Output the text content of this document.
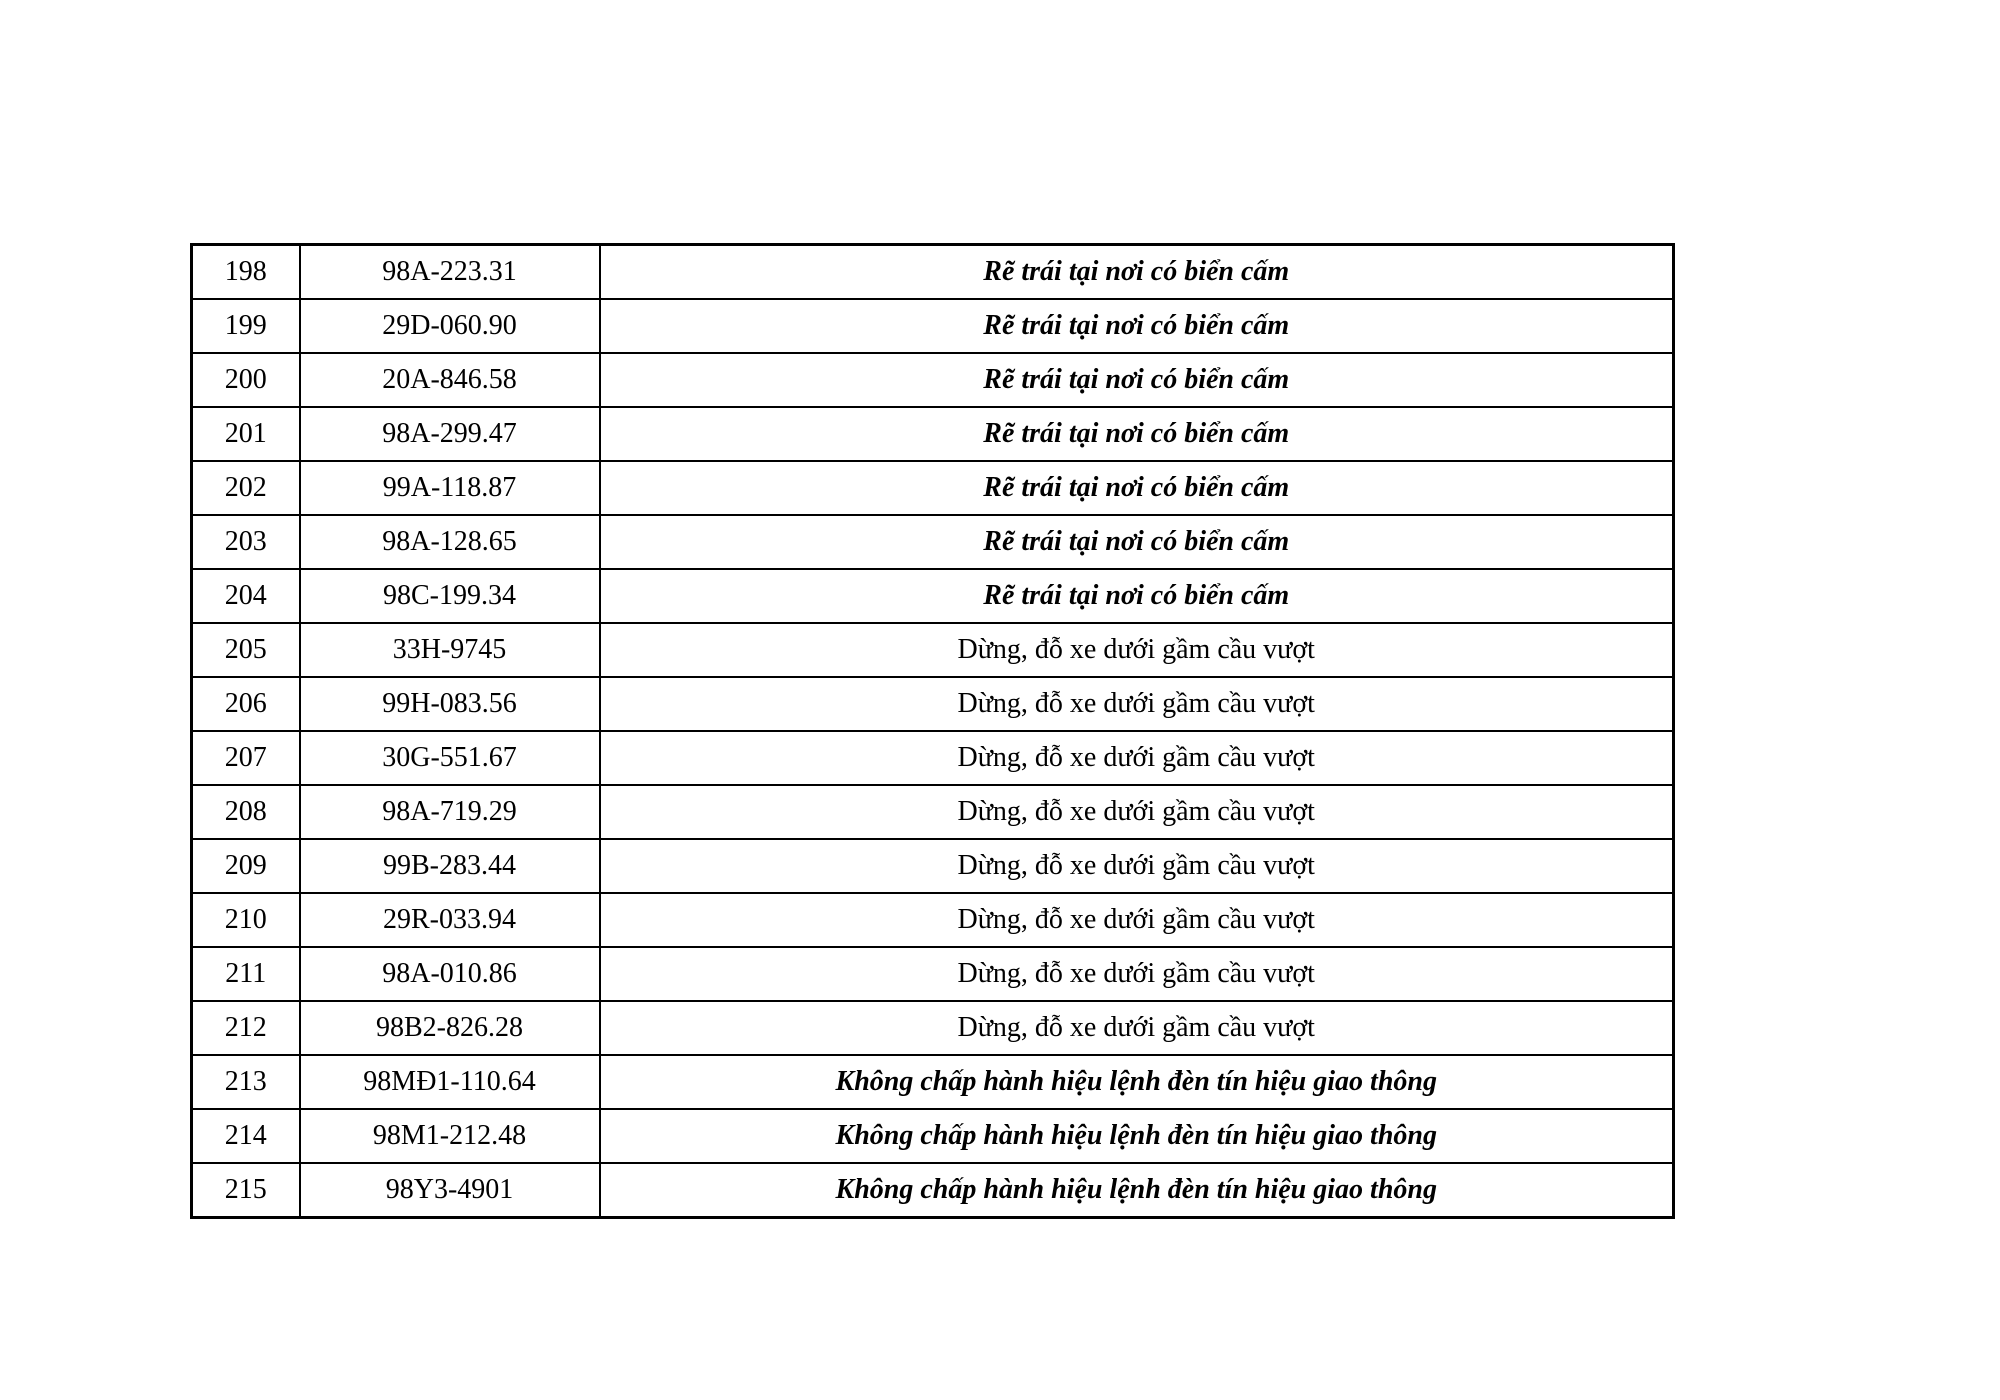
198	98A-223.31	Rẽ trái tại nơi có biển cấm
199	29D-060.90	Rẽ trái tại nơi có biển cấm
200	20A-846.58	Rẽ trái tại nơi có biển cấm
201	98A-299.47	Rẽ trái tại nơi có biển cấm
202	99A-118.87	Rẽ trái tại nơi có biển cấm
203	98A-128.65	Rẽ trái tại nơi có biển cấm
204	98C-199.34	Rẽ trái tại nơi có biển cấm
205	33H-9745	Dừng, đỗ xe dưới gầm cầu vượt
206	99H-083.56	Dừng, đỗ xe dưới gầm cầu vượt
207	30G-551.67	Dừng, đỗ xe dưới gầm cầu vượt
208	98A-719.29	Dừng, đỗ xe dưới gầm cầu vượt
209	99B-283.44	Dừng, đỗ xe dưới gầm cầu vượt
210	29R-033.94	Dừng, đỗ xe dưới gầm cầu vượt
211	98A-010.86	Dừng, đỗ xe dưới gầm cầu vượt
212	98B2-826.28	Dừng, đỗ xe dưới gầm cầu vượt
213	98MĐ1-110.64	Không chấp hành hiệu lệnh đèn tín hiệu giao thông
214	98M1-212.48	Không chấp hành hiệu lệnh đèn tín hiệu giao thông
215	98Y3-4901	Không chấp hành hiệu lệnh đèn tín hiệu giao thông
